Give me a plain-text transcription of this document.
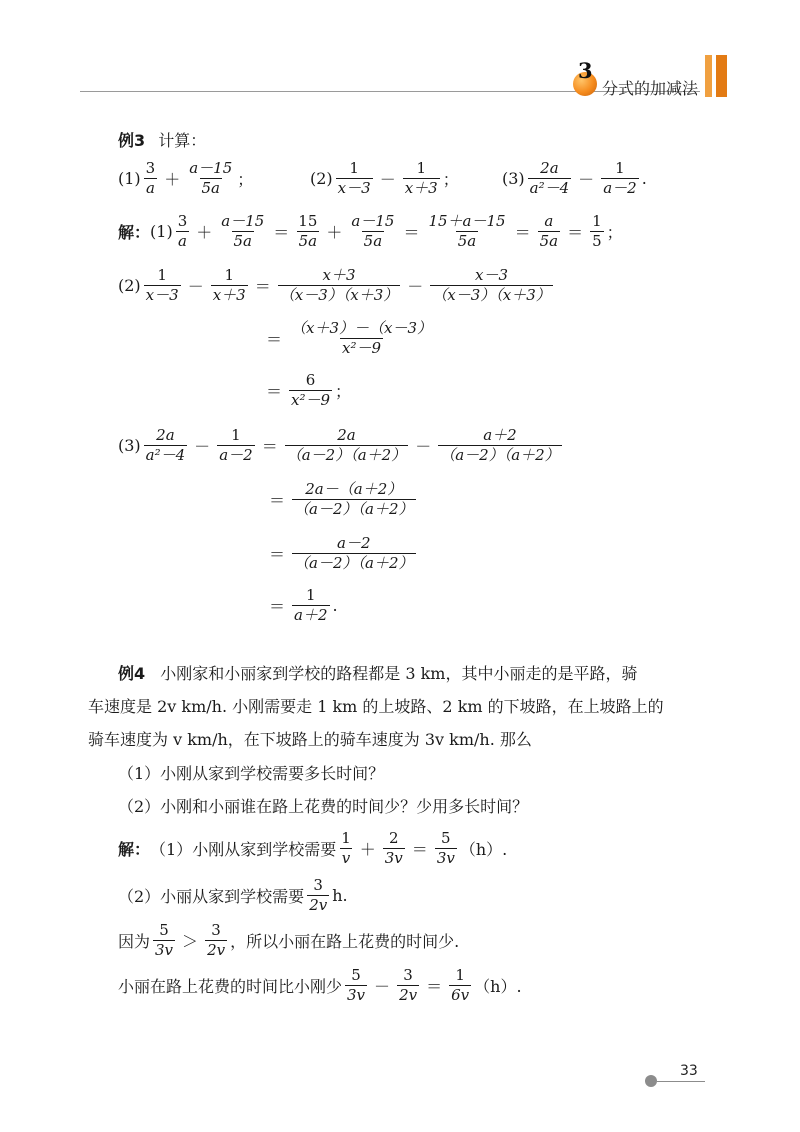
3
分式的加减法
例3 计算：
$(1) \frac{3}{a} + \frac{a-15}{5a}$ ；	$(2) \frac{1}{x-3} - \frac{1}{x+3}$ ；	$(3) \frac{2a}{\text{a²－4}} - \frac{1}{a-2}$ .
解： $(1) \frac{3}{a} + \frac{a-15}{5a} = \frac{15}{5a} + \frac{a-15}{5a} = \frac{15+a-15}{5a} = \frac{a}{5a} = \frac{1}{5}$ ；
$(2) \frac{1}{x-3} - \frac{1}{x+3} = \frac{x+3}{(x-3)(x+3)} - \frac{x-3}{(x-3)(x+3)}$
＝ $\frac{(x+3)-(x-3)}{\text{x²－9}}$
＝ $\frac{6}{\text{x²－9}}$ ；
$(3) \frac{2a}{\text{a²－4}} - \frac{1}{a-2} = \frac{2a}{(a-2)(a+2)} - \frac{a+2}{(a-2)(a+2)}$
＝ $\frac{2a-(a+2)}{(a-2)(a+2)}$
＝ $\frac{a-2}{(a-2)(a+2)}$
＝ $\frac{1}{a+2}$ .
例4 小刚家和小丽家到学校的路程都是 3 km，其中小丽走的是平路，骑
车速度是 2v km/h. 小刚需要走 1 km 的上坡路、2 km 的下坡路，在上坡路上的
骑车速度为 v km/h，在下坡路上的骑车速度为 3v km/h. 那么
（1）小刚从家到学校需要多长时间？
（2）小刚和小丽谁在路上花费的时间少？少用多长时间？
解： （1）小刚从家到学校需要 $\frac{1}{v} + \frac{2}{3v} = \frac{5}{3v} (h)$.
（2）小丽从家到学校需要 $\frac{3}{2v} h$.
因为 $\frac{5}{3v} > \frac{3}{2v}$ ，所以小丽在路上花费的时间少.
小丽在路上花费的时间比小刚少 $\frac{5}{3v} - \frac{3}{2v} = \frac{1}{6v} (h)$.
33
